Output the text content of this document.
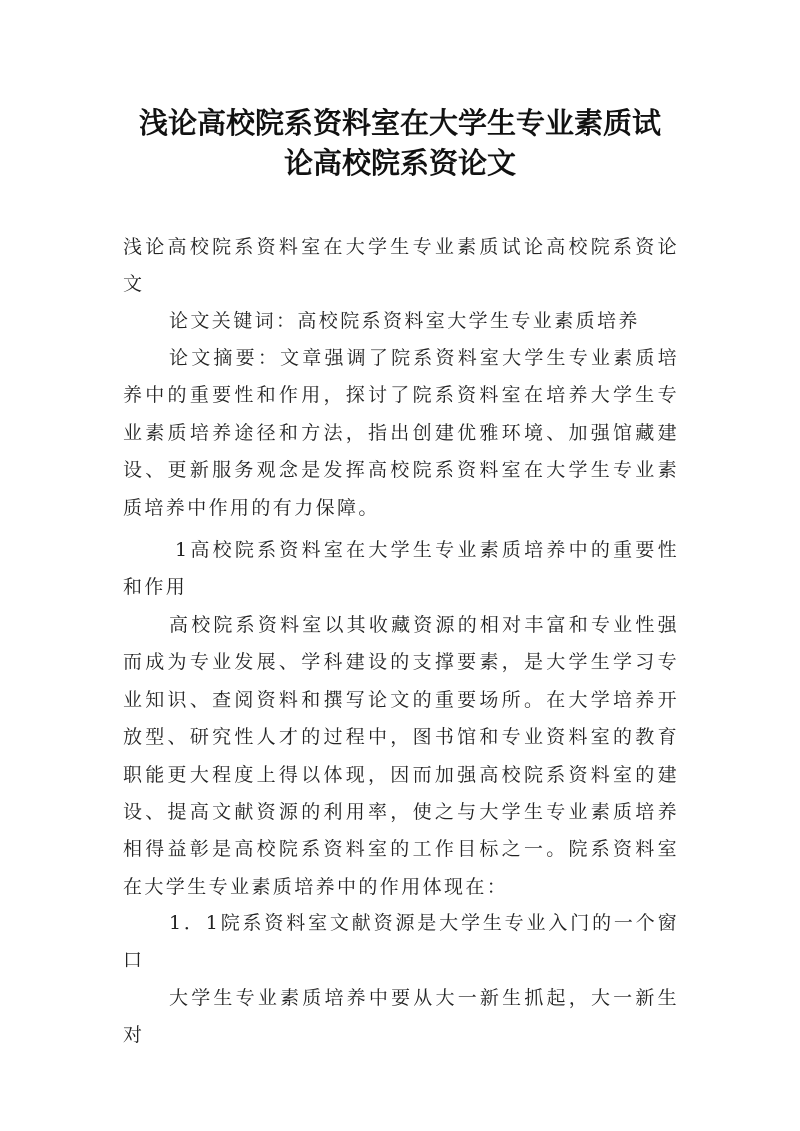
浅论高校院系资料室在大学生专业素质试
论高校院系资论文
浅论高校院系资料室在大学生专业素质试论高校院系资论文
论文关键词：高校院系资料室大学生专业素质培养
论文摘要：文章强调了院系资料室大学生专业素质培养中的重要性和作用，探讨了院系资料室在培养大学生专业素质培养途径和方法，指出创建优雅环境、加强馆藏建设、更新服务观念是发挥高校院系资料室在大学生专业素质培养中作用的有力保障。
1高校院系资料室在大学生专业素质培养中的重要性和作用
高校院系资料室以其收藏资源的相对丰富和专业性强而成为专业发展、学科建设的支撑要素，是大学生学习专业知识、查阅资料和撰写论文的重要场所。在大学培养开放型、研究性人才的过程中，图书馆和专业资料室的教育职能更大程度上得以体现，因而加强高校院系资料室的建设、提高文献资源的利用率，使之与大学生专业素质培养相得益彰是高校院系资料室的工作目标之一。院系资料室在大学生专业素质培养中的作用体现在：
1．1院系资料室文献资源是大学生专业入门的一个窗口
大学生专业素质培养中要从大一新生抓起，大一新生对
